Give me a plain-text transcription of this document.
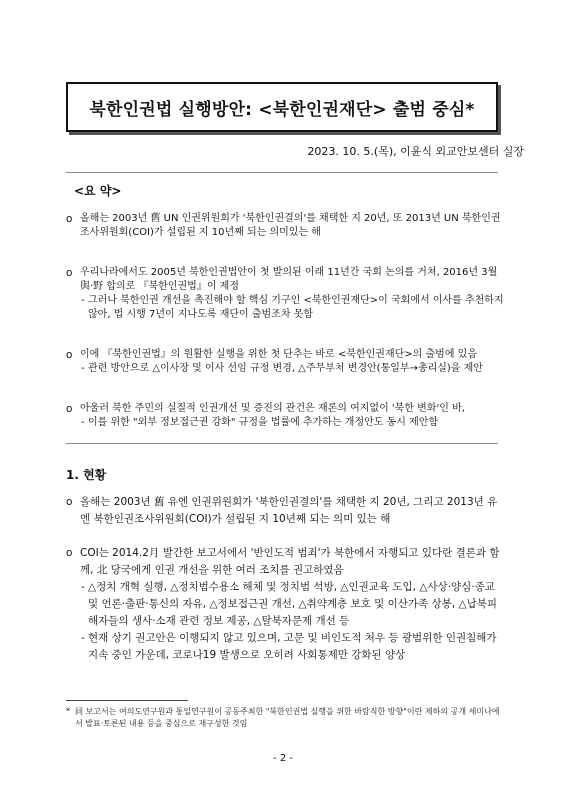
북한인권법 실행방안: <북한인권재단> 출범 중심*
2023. 10. 5.(목), 이윤식 외교안보센터 실장
<요 약>
o 올해는 2003년 舊 UN 인권위원회가 '북한인권결의'를 채택한 지 20년, 또 2013년 UN 북한인권 조사위원회(COI)가 설립된 지 10년째 되는 의미있는 해
o 우리나라에서도 2005년 북한인권법안이 첫 발의된 이래 11년간 국회 논의를 거쳐, 2016년 3월 與·野 합의로 『북한인권법』이 제정
- 그러나 북한인권 개선을 촉진해야 할 핵심 기구인 <북한인권재단>이 국회에서 이사를 추천하지 않아, 법 시행 7년이 지나도록 재단이 출범조차 못함
o 이에 『북한인권법』의 원활한 실행을 위한 첫 단추는 바로 <북한인권재단>의 출범에 있음
- 관련 방안으로 △이사장 및 이사 선임 규정 변경, △주무부처 변경안(통일부→총리실)을 제안
o 아울러 북한 주민의 실질적 인권개선 및 증진의 관건은 재론의 여지없이 '북한 변화'인 바,
- 이를 위한 "외부 정보접근권 강화" 규정을 법률에 추가하는 개정안도 동시 제안함
1. 현황
o 올해는 2003년 舊 유엔 인권위원회가 '북한인권결의'를 채택한 지 20년, 그리고 2013년 유엔 북한인권조사위원회(COI)가 설립된 지 10년째 되는 의미 있는 해
o COI는 2014.2月 발간한 보고서에서 '반인도적 범죄'가 북한에서 자행되고 있다란 결론과 함께, 北 당국에게 인권 개선을 위한 여러 조치를 권고하였음
- △정치 개혁 실행, △정치범수용소 해체 및 정치범 석방, △인권교육 도입, △사상·양심·종교 및 언론·출판·통신의 자유, △정보접근권 개선, △취약계층 보호 및 이산가족 상봉, △납북피해자들의 생사·소재 관련 정보 제공, △탈북자문제 개선 등
- 현재 상기 권고안은 이행되지 않고 있으며, 고문 및 비인도적 처우 등 광범위한 인권침해가 지속 중인 가운데, 코로나19 발생으로 오히려 사회통제만 강화된 양상
* 同 보고서는 여의도연구원과 통일연구원이 공동주최한 "북한인권법 실행을 위한 바람직한 방향"이란 제하의 공개 세미나에서 발표·토론된 내용 등을 중심으로 재구성한 것임
- 2 -
